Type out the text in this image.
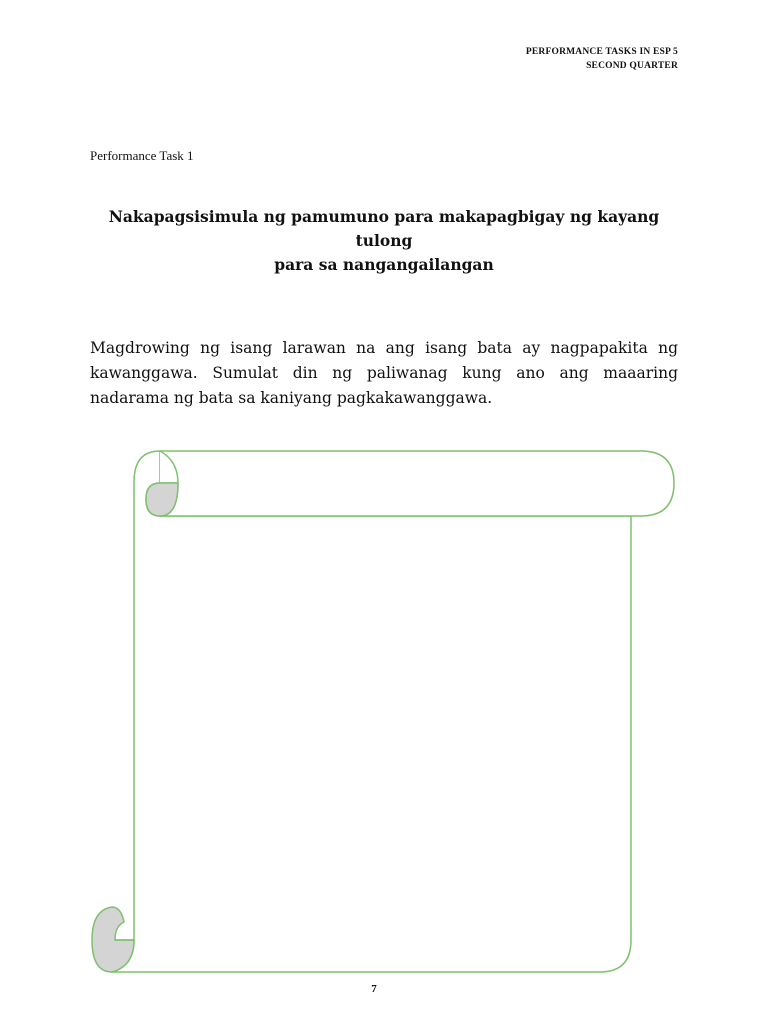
PERFORMANCE TASKS IN ESP 5
SECOND QUARTER
Performance Task 1
Nakapagsisimula ng pamumuno para makapagbigay ng kayang tulong
para sa nangangailangan

Magdrowing ng isang larawan na ang isang bata ay nagpapakita ng kawanggawa. Sumulat din ng paliwanag kung ano ang maaaring nadarama ng bata sa kaniyang pagkakawanggawa.

7
